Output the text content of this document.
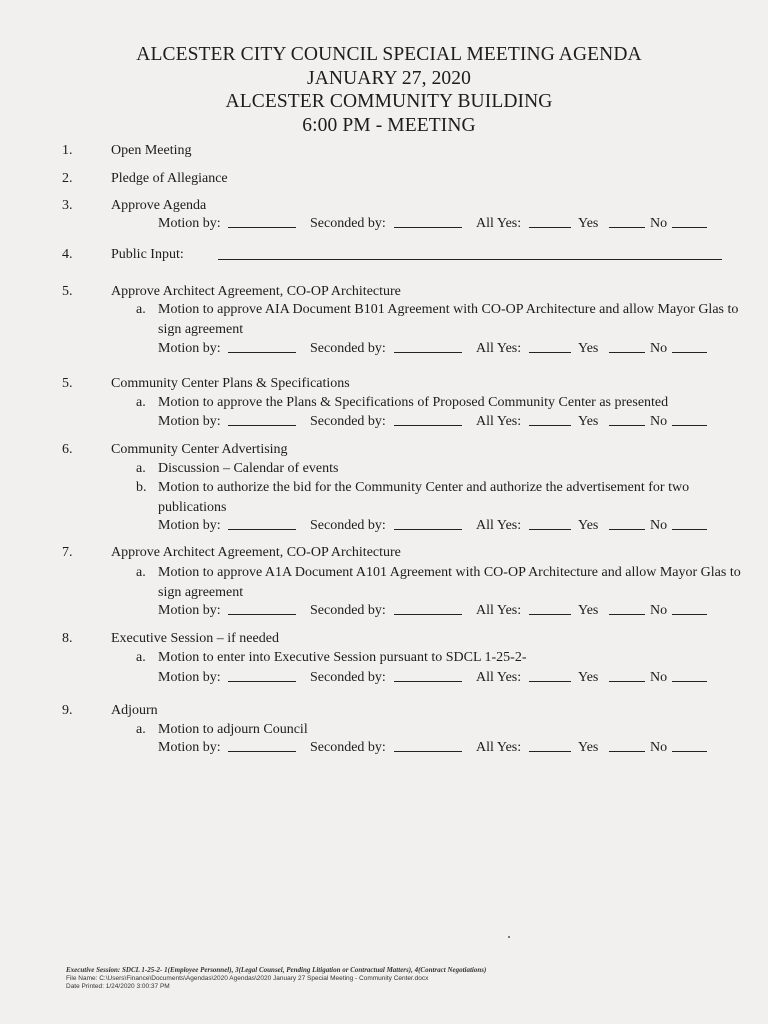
ALCESTER CITY COUNCIL SPECIAL MEETING AGENDA
JANUARY 27, 2020
ALCESTER COMMUNITY BUILDING
6:00 PM - MEETING
1.	Open Meeting
2.	Pledge of Allegiance
3.	Approve Agenda
Motion by:	Seconded by:	All Yes:	Yes	No
4.	Public Input:
5.	Approve Architect Agreement, CO-OP Architecture
a. Motion to approve AIA Document B101 Agreement with CO-OP Architecture and allow Mayor Glas to sign agreement
Motion by:	Seconded by:	All Yes:	Yes	No
5.	Community Center Plans & Specifications
a. Motion to approve the Plans & Specifications of Proposed Community Center as presented
Motion by:	Seconded by:	All Yes:	Yes	No
6.	Community Center Advertising
a. Discussion – Calendar of events
b. Motion to authorize the bid for the Community Center and authorize the advertisement for two publications
Motion by:	Seconded by:	All Yes:	Yes	No
7.	Approve Architect Agreement, CO-OP Architecture
a. Motion to approve A1A Document A101 Agreement with CO-OP Architecture and allow Mayor Glas to sign agreement
Motion by:	Seconded by:	All Yes:	Yes	No
8.	Executive Session – if needed
a. Motion to enter into Executive Session pursuant to SDCL 1-25-2-
Motion by:	Seconded by:	All Yes:	Yes	No
9.	Adjourn
a. Motion to adjourn Council
Motion by:	Seconded by:	All Yes:	Yes	No
Executive Session: SDCL 1-25-2- 1(Employee Personnel), 3(Legal Counsel, Pending Litigation or Contractual Matters), 4(Contract Negotiations)
File Name: C:\Users\Finance\Documents\Agendas\2020 Agendas\2020 January 27 Special Meeting - Community Center.docx
Date Printed: 1/24/2020 3:00:37 PM
